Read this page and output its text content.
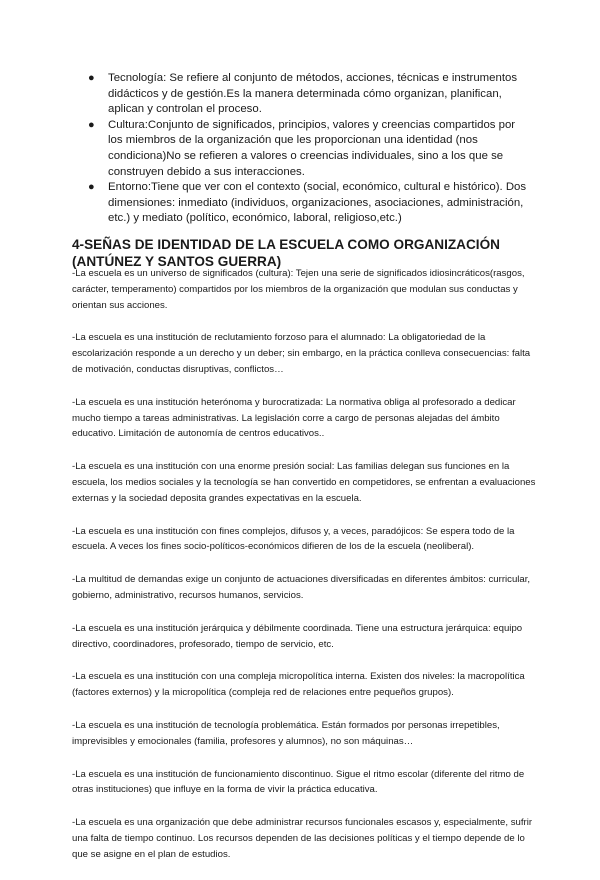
● Tecnología: Se refiere al conjunto de métodos, acciones, técnicas e instrumentos didácticos y de gestión.Es la manera determinada cómo organizan, planifican, aplican y controlan el proceso.
● Cultura:Conjunto de significados, principios, valores y creencias compartidos por los miembros de la organización que les proporcionan una identidad (nos condiciona)No se refieren a valores o creencias individuales, sino a los que se construyen debido a sus interacciones.
● Entorno:Tiene que ver con el contexto (social, económico, cultural e histórico). Dos dimensiones: inmediato (individuos, organizaciones, asociaciones, administración, etc.) y mediato (político, económico, laboral, religioso,etc.)
4-SEÑAS DE IDENTIDAD DE LA ESCUELA COMO ORGANIZACIÓN (ANTÚNEZ Y SANTOS GUERRA)

-La escuela es un universo de significados (cultura): Tejen una serie de significados idiosincráticos(rasgos, carácter, temperamento) compartidos por los miembros de la organización que modulan sus conductas y orientan sus acciones.

-La escuela es una institución de reclutamiento forzoso para el alumnado: La obligatoriedad de la escolarización responde a un derecho y un deber; sin embargo, en la práctica conlleva consecuencias: falta de motivación, conductas disruptivas, conflictos…

-La escuela es una institución heterónoma y burocratizada: La normativa obliga al profesorado a dedicar mucho tiempo a tareas administrativas. La legislación corre a cargo de personas alejadas del ámbito educativo. Limitación de autonomía de centros educativos..

-La escuela es una institución con una enorme presión social: Las familias delegan sus funciones en la escuela, los medios sociales y la tecnología se han convertido en competidores, se enfrentan a evaluaciones externas y la sociedad deposita grandes expectativas en la escuela.

-La escuela es una institución con fines complejos, difusos y, a veces, paradójicos: Se espera todo de la escuela. A veces los fines socio-políticos-económicos difieren de los de la escuela (neoliberal).

-La multitud de demandas exige un conjunto de actuaciones diversificadas en diferentes ámbitos: curricular, gobierno, administrativo, recursos humanos, servicios.

-La escuela es una institución jerárquica y débilmente coordinada. Tiene una estructura jerárquica: equipo directivo, coordinadores, profesorado, tiempo de servicio, etc.

-La escuela es una institución con una compleja micropolítica interna. Existen dos niveles: la macropolítica (factores externos) y la micropolítica (compleja red de relaciones entre pequeños grupos).

-La escuela es una institución de tecnología problemática. Están formados por personas irrepetibles, imprevisibles y emocionales (familia, profesores y alumnos), no son máquinas…

-La escuela es una institución de funcionamiento discontinuo. Sigue el ritmo escolar (diferente del ritmo de otras instituciones) que influye en la forma de vivir la práctica educativa.

-La escuela es una organización que debe administrar recursos funcionales escasos y, especialmente, sufrir una falta de tiempo continuo. Los recursos dependen de las decisiones políticas y el tiempo depende de lo que se asigne en el plan de estudios.
